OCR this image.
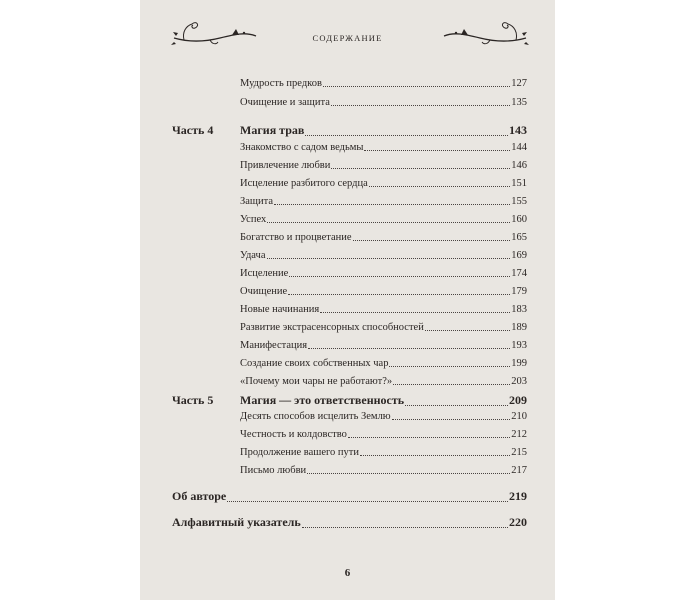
СОДЕРЖАНИЕ
Мудрость предков	127
Очищение и защита	135
Часть 4	Магия трав	143
Знакомство с садом ведьмы	144
Привлечение любви	146
Исцеление разбитого сердца	151
Защита	155
Успех	160
Богатство и процветание	165
Удача	169
Исцеление	174
Очищение	179
Новые начинания	183
Развитие экстрасенсорных способностей	189
Манифестация	193
Создание своих собственных чар	199
«Почему мои чары не работают?»	203
Часть 5	Магия — это ответственность	209
Десять способов исцелить Землю	210
Честность и колдовство	212
Продолжение вашего пути	215
Письмо любви	217
Об авторе	219
Алфавитный указатель	220
6
